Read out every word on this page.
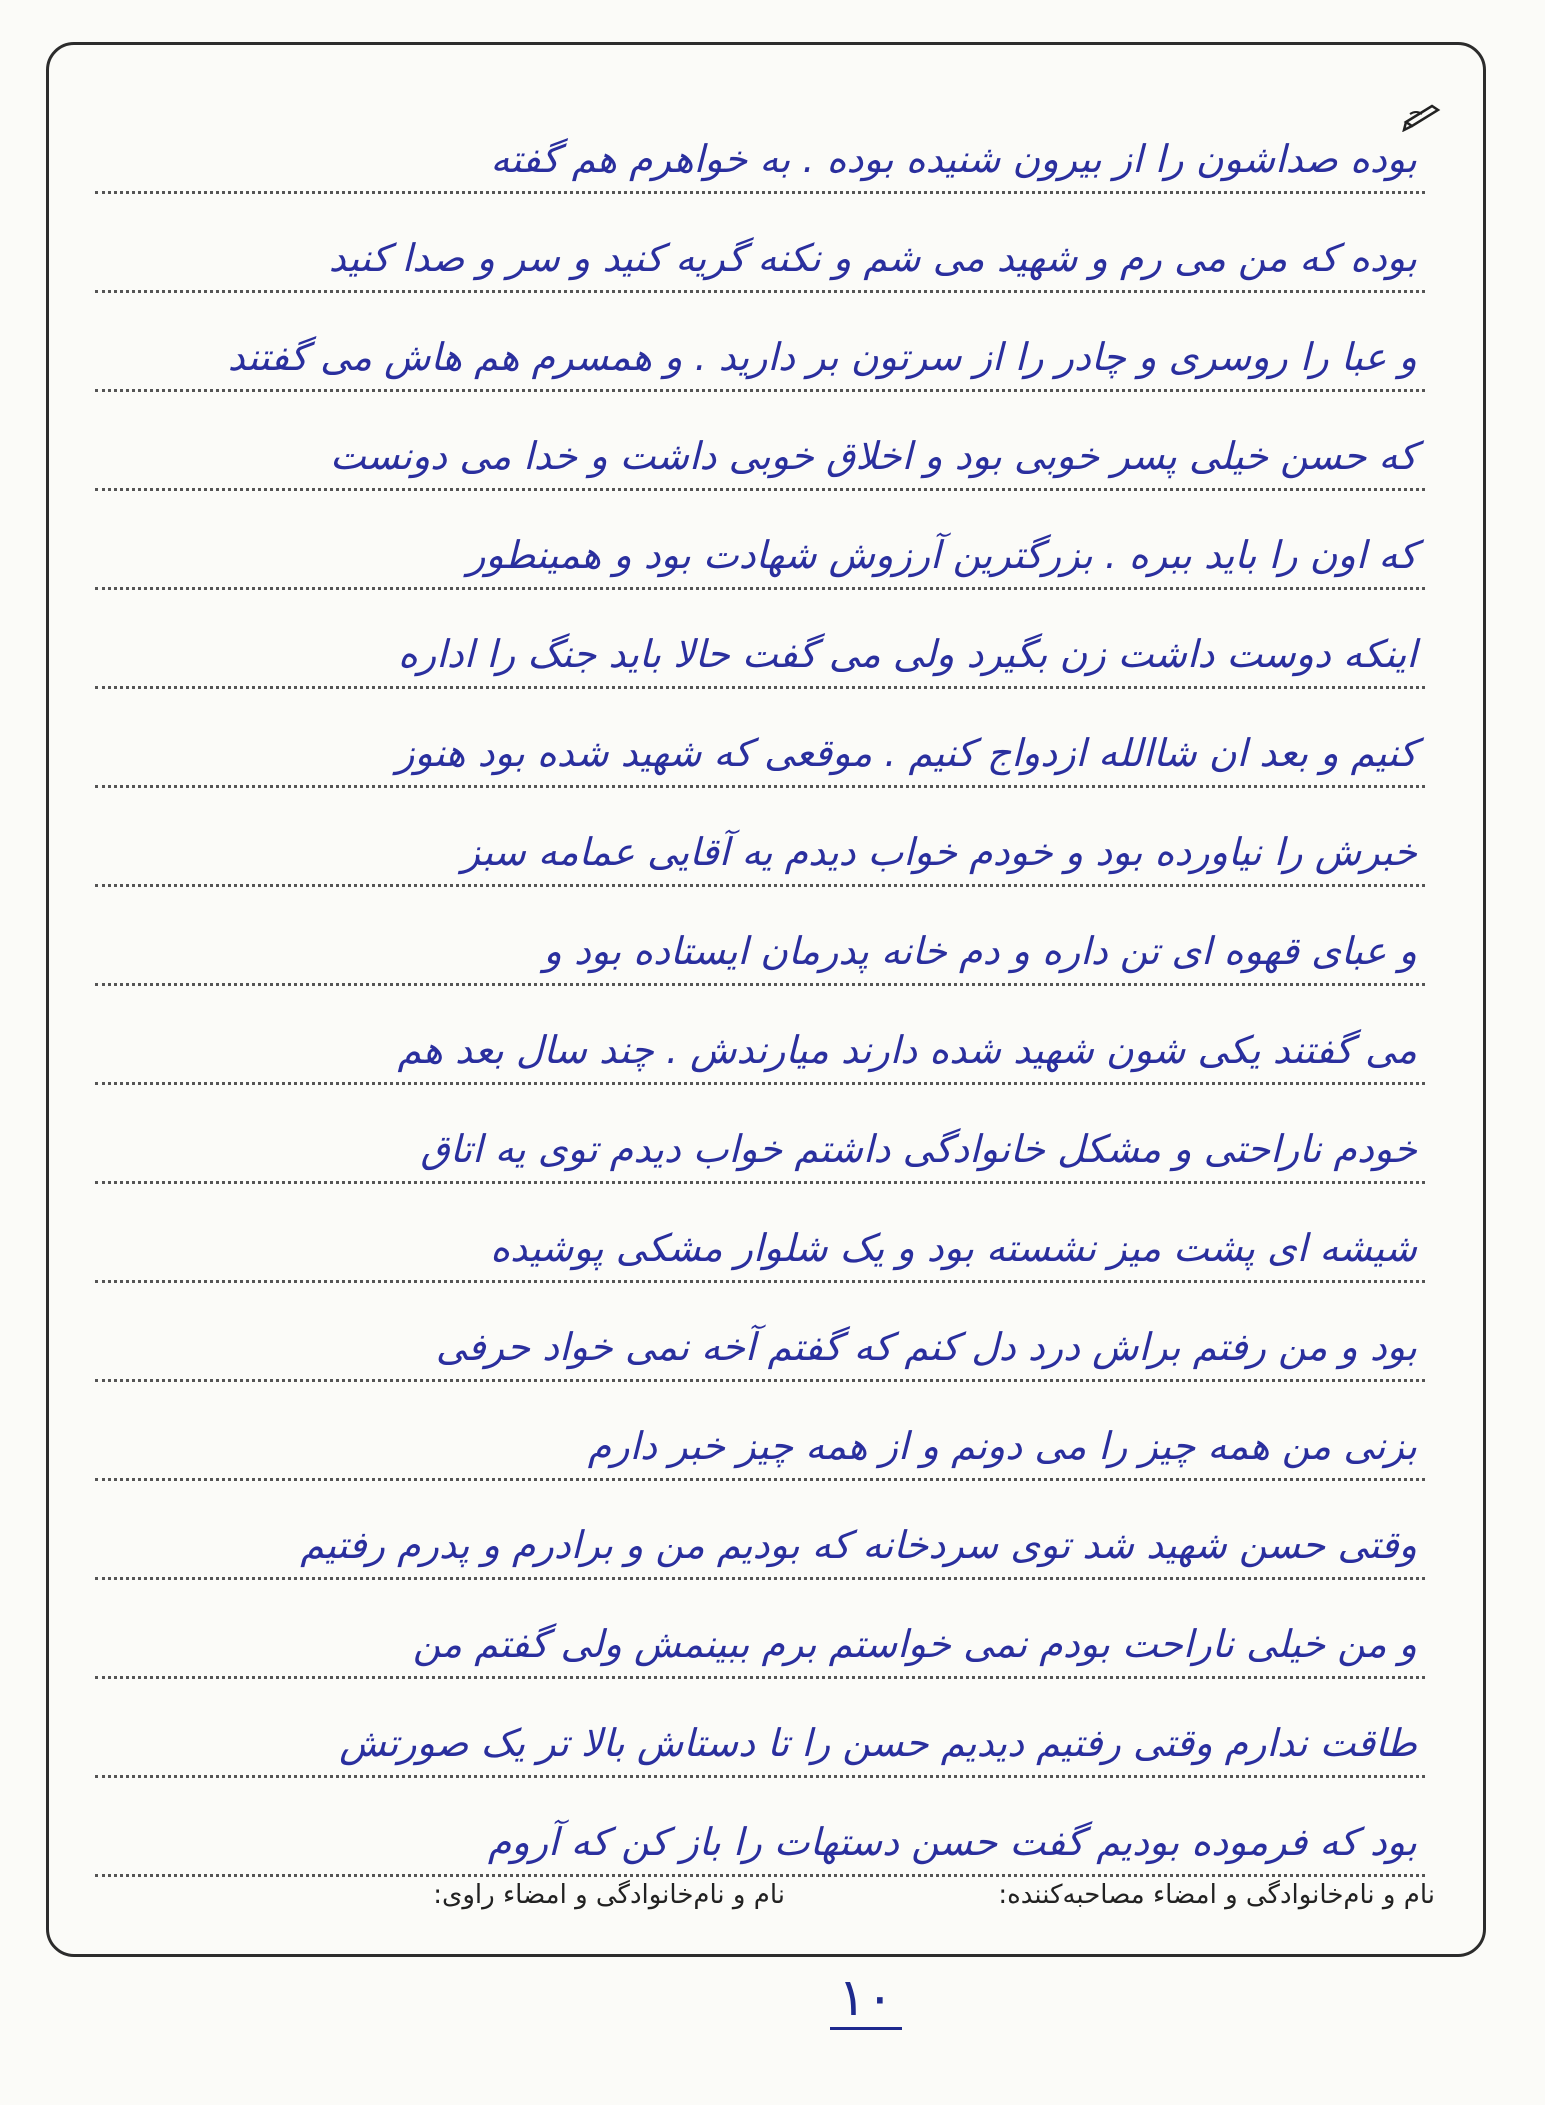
بوده صداشون را از بیرون شنیده بوده . به خواهرم هم گفته
بوده که من می رم و شهید می شم و نکنه گریه کنید و سر و صدا کنید
و عبا را روسری و چادر را از سرتون بر دارید . و همسرم هم هاش می گفتند
که حسن خیلی پسر خوبی بود و اخلاق خوبی داشت و خدا می دونست
که اون را باید ببره . بزرگترین آرزوش شهادت بود و همینطور
اینکه دوست داشت زن بگیرد ولی می گفت حالا باید جنگ را اداره
کنیم و بعد ان شاالله ازدواج کنیم . موقعی که شهید شده بود هنوز
خبرش را نیاورده بود و خودم خواب دیدم یه آقایی عمامه سبز
و عبای قهوه ای تن داره و دم خانه پدرمان ایستاده بود و
می گفتند یکی شون شهید شده دارند میارندش . چند سال بعد هم
خودم ناراحتی و مشکل خانوادگی داشتم خواب دیدم توی یه اتاق
شیشه ای پشت میز نشسته بود و یک شلوار مشکی پوشیده
بود و من رفتم براش درد دل کنم که گفتم آخه نمی خواد حرفی
بزنی من همه چیز را می دونم و از همه چیز خبر دارم
وقتی حسن شهید شد توی سردخانه که بودیم من و برادرم و پدرم رفتیم
و من خیلی ناراحت بودم نمی خواستم برم ببینمش ولی گفتم من
طاقت ندارم وقتی رفتیم دیدیم حسن را تا دستاش بالا تر یک صورتش
بود که فرموده بودیم گفت حسن دستهات را باز کن که آروم
نام و نام‌خانوادگی و امضاء مصاحبه‌کننده:
نام و نام‌خانوادگی و امضاء راوی:
۱۰
